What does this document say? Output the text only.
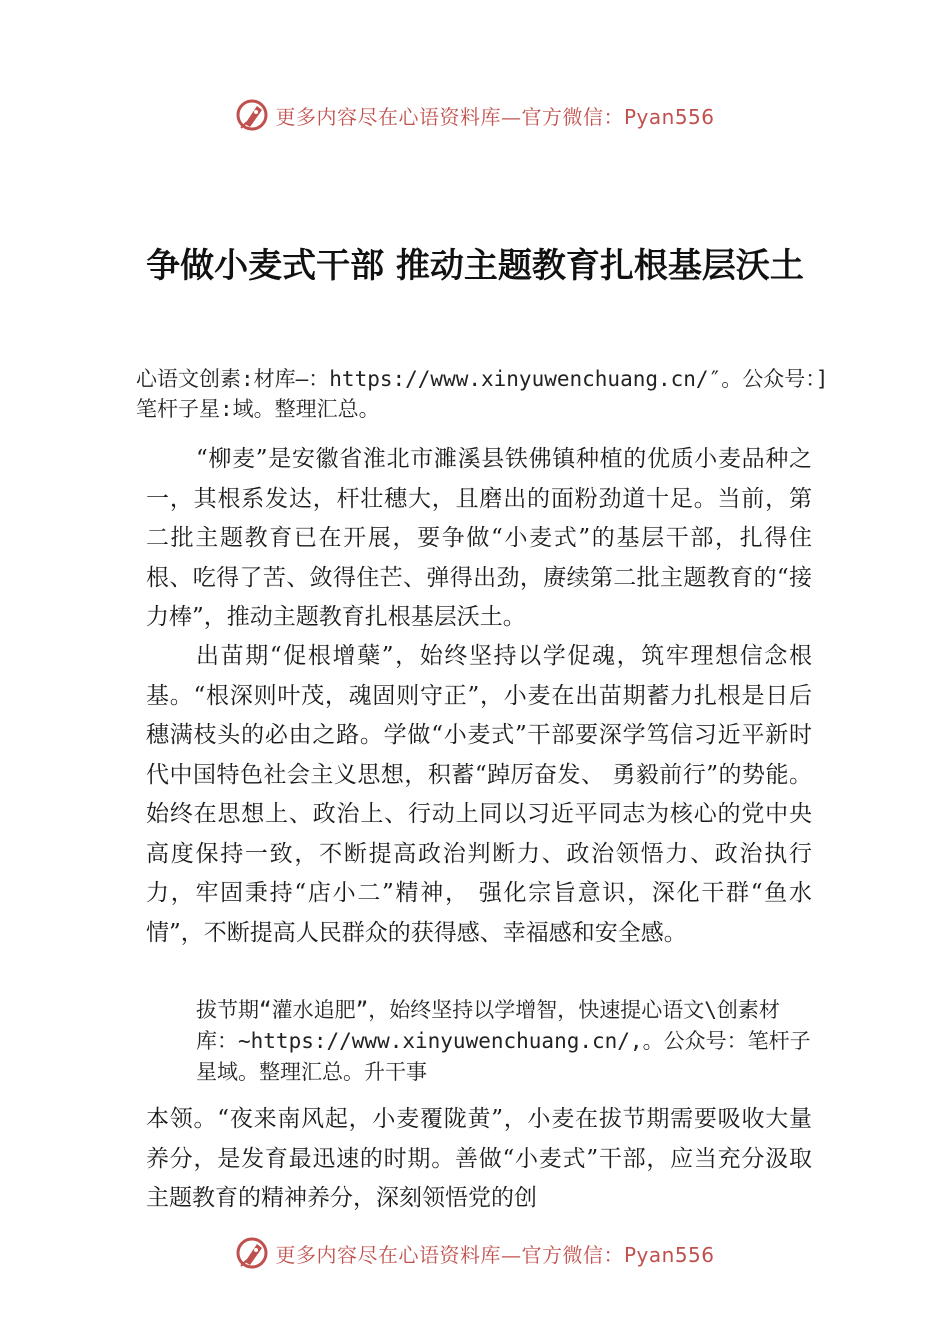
更多内容尽在心语资料库—官方微信：Pyan556
争做小麦式干部 推动主题教育扎根基层沃土
心语文创素:材库—：https://www.xinyuwenchuang.cn/″。公众号：]笔杆子星:域。整理汇总。
“柳麦”是安徽省淮北市濉溪县铁佛镇种植的优质小麦品种之一，其根系发达，杆壮穗大，且磨出的面粉劲道十足。当前，第二批主题教育已在开展，要争做“小麦式”的基层干部，扎得住根、吃得了苦、敛得住芒、弹得出劲，赓续第二批主题教育的“接力棒”，推动主题教育扎根基层沃土。
出苗期“促根增蘖”，始终坚持以学促魂，筑牢理想信念根基。“根深则叶茂，魂固则守正”，小麦在出苗期蓄力扎根是日后穗满枝头的必由之路。学做“小麦式”干部要深学笃信习近平新时代中国特色社会主义思想，积蓄“踔厉奋发、 勇毅前行”的势能。始终在思想上、政治上、行动上同以习近平同志为核心的党中央高度保持一致，不断提高政治判断力、政治领悟力、政治执行力，牢固秉持“店小二”精神， 强化宗旨意识，深化干群“鱼水情”，不断提高人民群众的获得感、幸福感和安全感。
拔节期“灌水追肥”，始终坚持以学增智，快速提心语文\创素材库：~https://www.xinyuwenchuang.cn/,。公众号：笔杆子星域。整理汇总。升干事
本领。“夜来南风起，小麦覆陇黄”，小麦在拔节期需要吸收大量养分，是发育最迅速的时期。善做“小麦式”干部，应当充分汲取主题教育的精神养分，深刻领悟党的创
更多内容尽在心语资料库—官方微信：Pyan556
